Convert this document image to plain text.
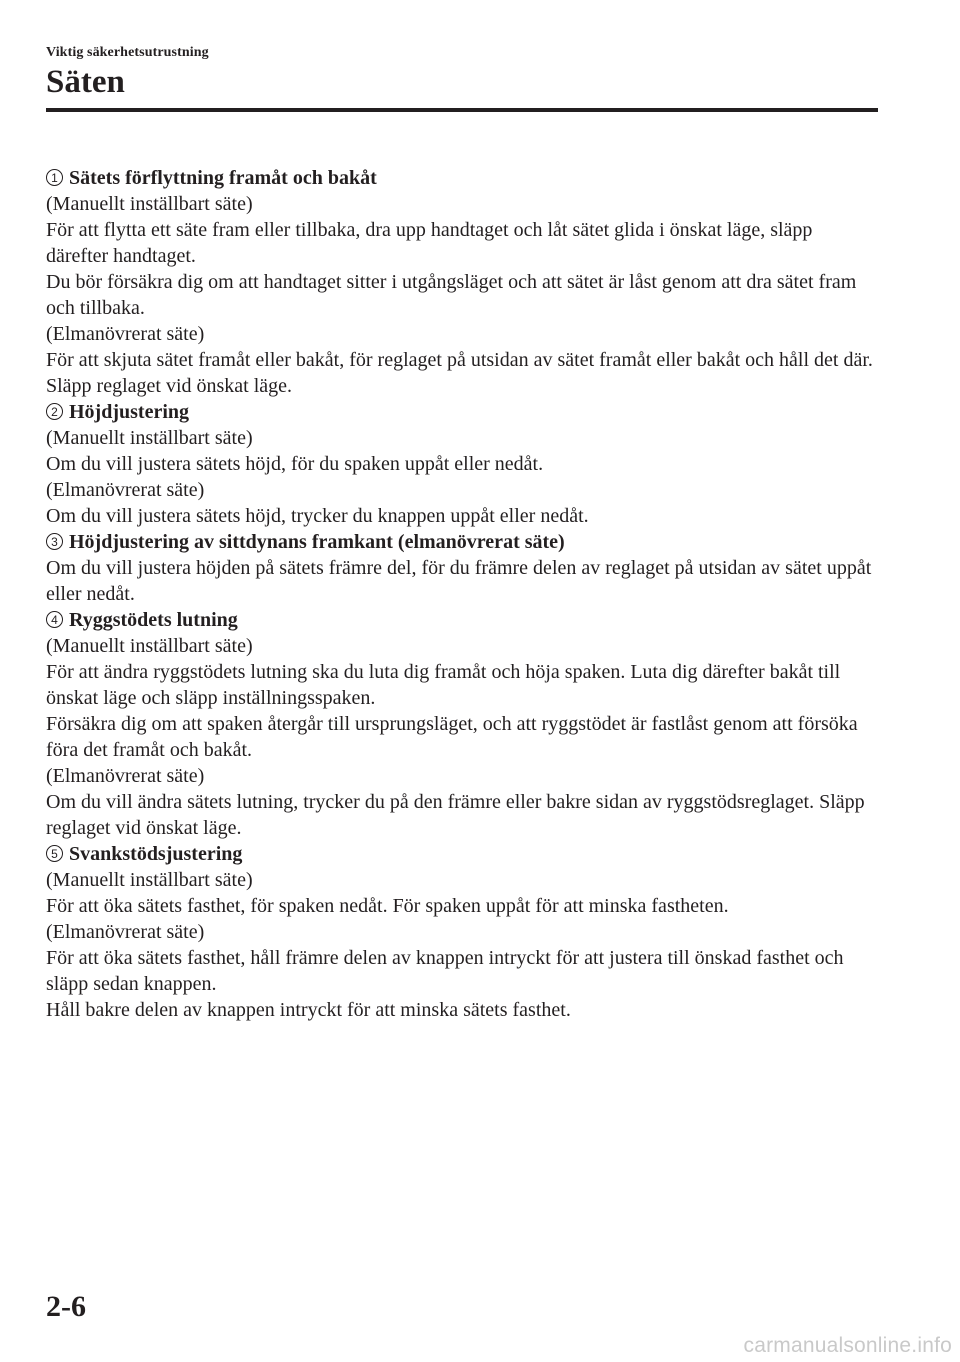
Viktig säkerhetsutrustning
Säten
1 Sätets förflyttning framåt och bakåt

(Manuellt inställbart säte)

För att flytta ett säte fram eller tillbaka, dra upp handtaget och låt sätet glida i önskat läge, släpp därefter handtaget.

Du bör försäkra dig om att handtaget sitter i utgångsläget och att sätet är låst genom att dra sätet fram och tillbaka.

(Elmanövrerat säte)

För att skjuta sätet framåt eller bakåt, för reglaget på utsidan av sätet framåt eller bakåt och håll det där. Släpp reglaget vid önskat läge.

2 Höjdjustering

(Manuellt inställbart säte)

Om du vill justera sätets höjd, för du spaken uppåt eller nedåt.

(Elmanövrerat säte)

Om du vill justera sätets höjd, trycker du knappen uppåt eller nedåt.

3 Höjdjustering av sittdynans framkant (elmanövrerat säte)

Om du vill justera höjden på sätets främre del, för du främre delen av reglaget på utsidan av sätet uppåt eller nedåt.

4 Ryggstödets lutning

(Manuellt inställbart säte)

För att ändra ryggstödets lutning ska du luta dig framåt och höja spaken. Luta dig därefter bakåt till önskat läge och släpp inställningsspaken.

Försäkra dig om att spaken återgår till ursprungsläget, och att ryggstödet är fastlåst genom att försöka föra det framåt och bakåt.

(Elmanövrerat säte)

Om du vill ändra sätets lutning, trycker du på den främre eller bakre sidan av ryggstödsreglaget. Släpp reglaget vid önskat läge.

5 Svankstödsjustering

(Manuellt inställbart säte)

För att öka sätets fasthet, för spaken nedåt. För spaken uppåt för att minska fastheten.

(Elmanövrerat säte)

För att öka sätets fasthet, håll främre delen av knappen intryckt för att justera till önskad fasthet och släpp sedan knappen.

Håll bakre delen av knappen intryckt för att minska sätets fasthet.

2-6
carmanualsonline.info
